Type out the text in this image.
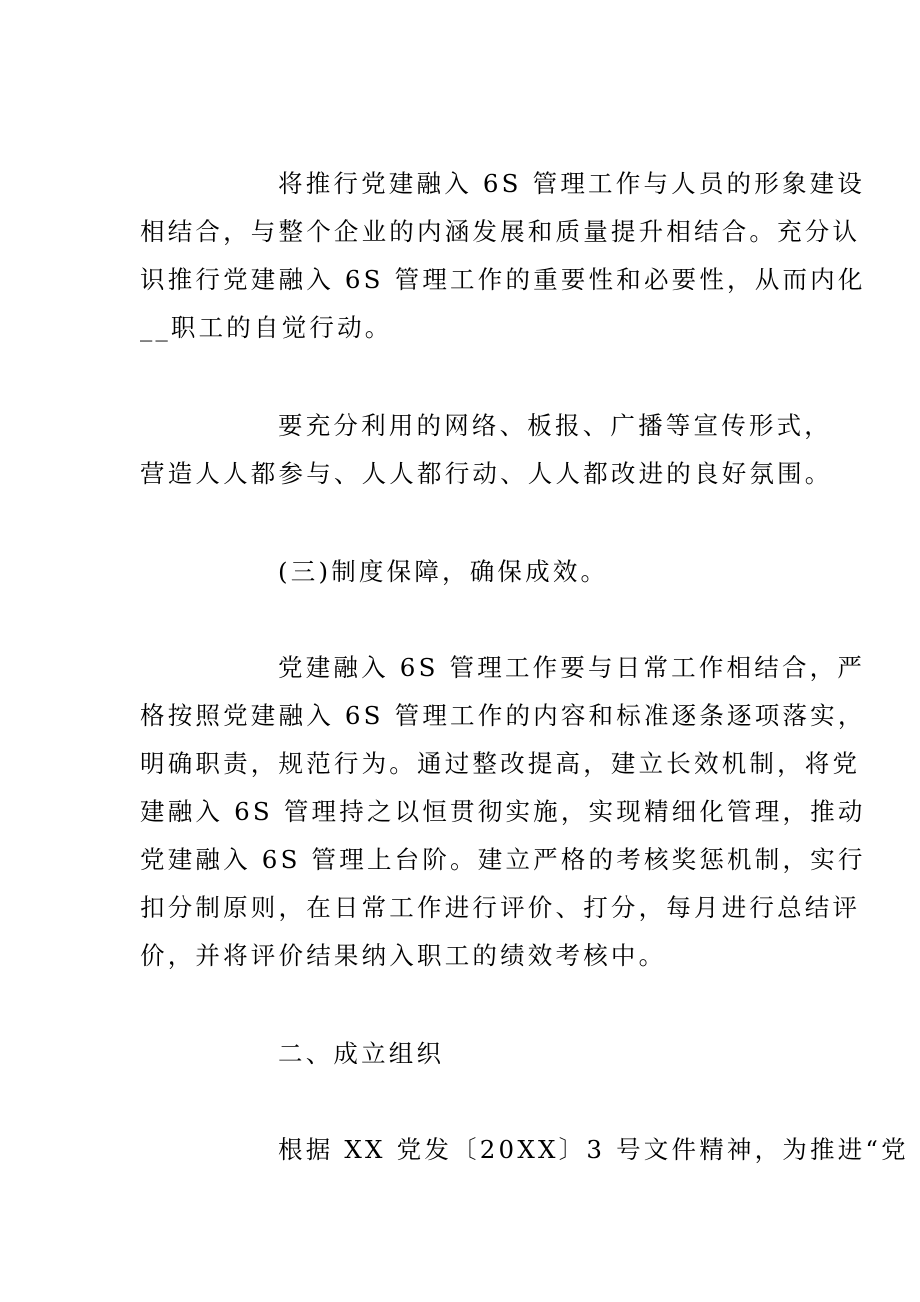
将推行党建融入 6S 管理工作与人员的形象建设
相结合，与整个企业的内涵发展和质量提升相结合。充分认
识推行党建融入 6S 管理工作的重要性和必要性，从而内化
__职工的自觉行动。
要充分利用的网络、板报、广播等宣传形式，
营造人人都参与、人人都行动、人人都改进的良好氛围。
(三)制度保障，确保成效。
党建融入 6S 管理工作要与日常工作相结合，严
格按照党建融入 6S 管理工作的内容和标准逐条逐项落实，
明确职责，规范行为。通过整改提高，建立长效机制，将党
建融入 6S 管理持之以恒贯彻实施，实现精细化管理，推动
党建融入 6S 管理上台阶。建立严格的考核奖惩机制，实行
扣分制原则，在日常工作进行评价、打分，每月进行总结评
价，并将评价结果纳入职工的绩效考核中。
二、成立组织
根据 XX 党发〔20XX〕3 号文件精神，为推进“党
